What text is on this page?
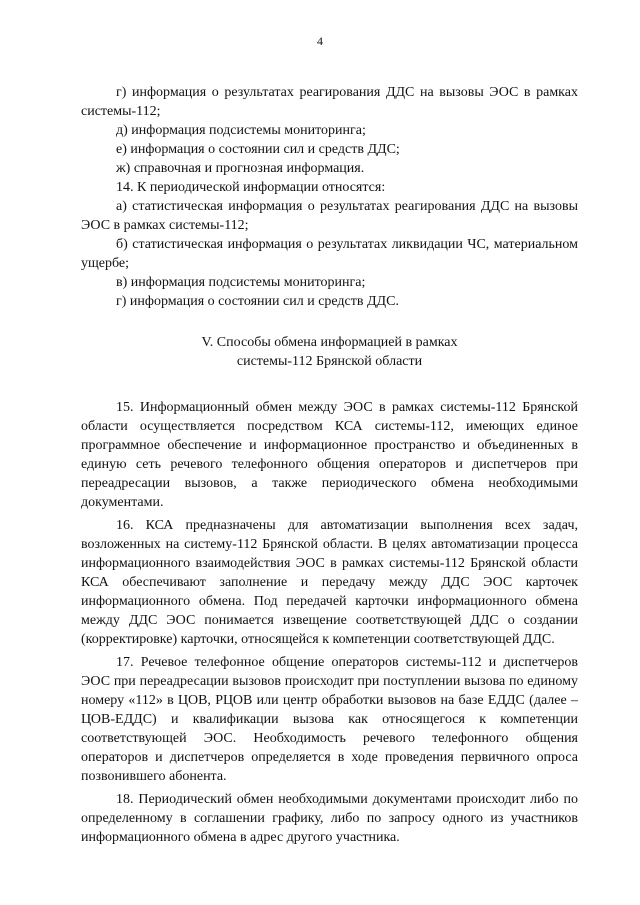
4

г) информация о результатах реагирования ДДС на вызовы ЭОС в рамках системы-112;

д) информация подсистемы мониторинга;

е) информация о состоянии сил и средств ДДС;

ж) справочная и прогнозная информация.

14. К периодической информации относятся:

а) статистическая информация о результатах реагирования ДДС на вызовы ЭОС в рамках системы-112;

б) статистическая информация о результатах ликвидации ЧС, материальном ущербе;

в) информация подсистемы мониторинга;

г) информация о состоянии сил и средств ДДС.

V. Способы обмена информацией в рамках
системы-112 Брянской области

15. Информационный обмен между ЭОС в рамках системы-112 Брянской области осуществляется посредством КСА системы-112, имеющих единое программное обеспечение и информационное пространство и объединенных в единую сеть речевого телефонного общения операторов и диспетчеров при переадресации вызовов, а также периодического обмена необходимыми документами.

16. КСА предназначены для автоматизации выполнения всех задач, возложенных на систему-112 Брянской области. В целях автоматизации процесса информационного взаимодействия ЭОС в рамках системы-112 Брянской области КСА обеспечивают заполнение и передачу между ДДС ЭОС карточек информационного обмена. Под передачей карточки информационного обмена между ДДС ЭОС понимается извещение соответствующей ДДС о создании (корректировке) карточки, относящейся к компетенции соответствующей ДДС.

17. Речевое телефонное общение операторов системы-112 и диспетчеров ЭОС при переадресации вызовов происходит при поступлении вызова по единому номеру «112» в ЦОВ, РЦОВ или центр обработки вызовов на базе ЕДДС (далее – ЦОВ-ЕДДС) и квалификации вызова как относящегося к компетенции соответствующей ЭОС. Необходимость речевого телефонного общения операторов и диспетчеров определяется в ходе проведения первичного опроса позвонившего абонента.

18. Периодический обмен необходимыми документами происходит либо по определенному в соглашении графику, либо по запросу одного из участников информационного обмена в адрес другого участника.
